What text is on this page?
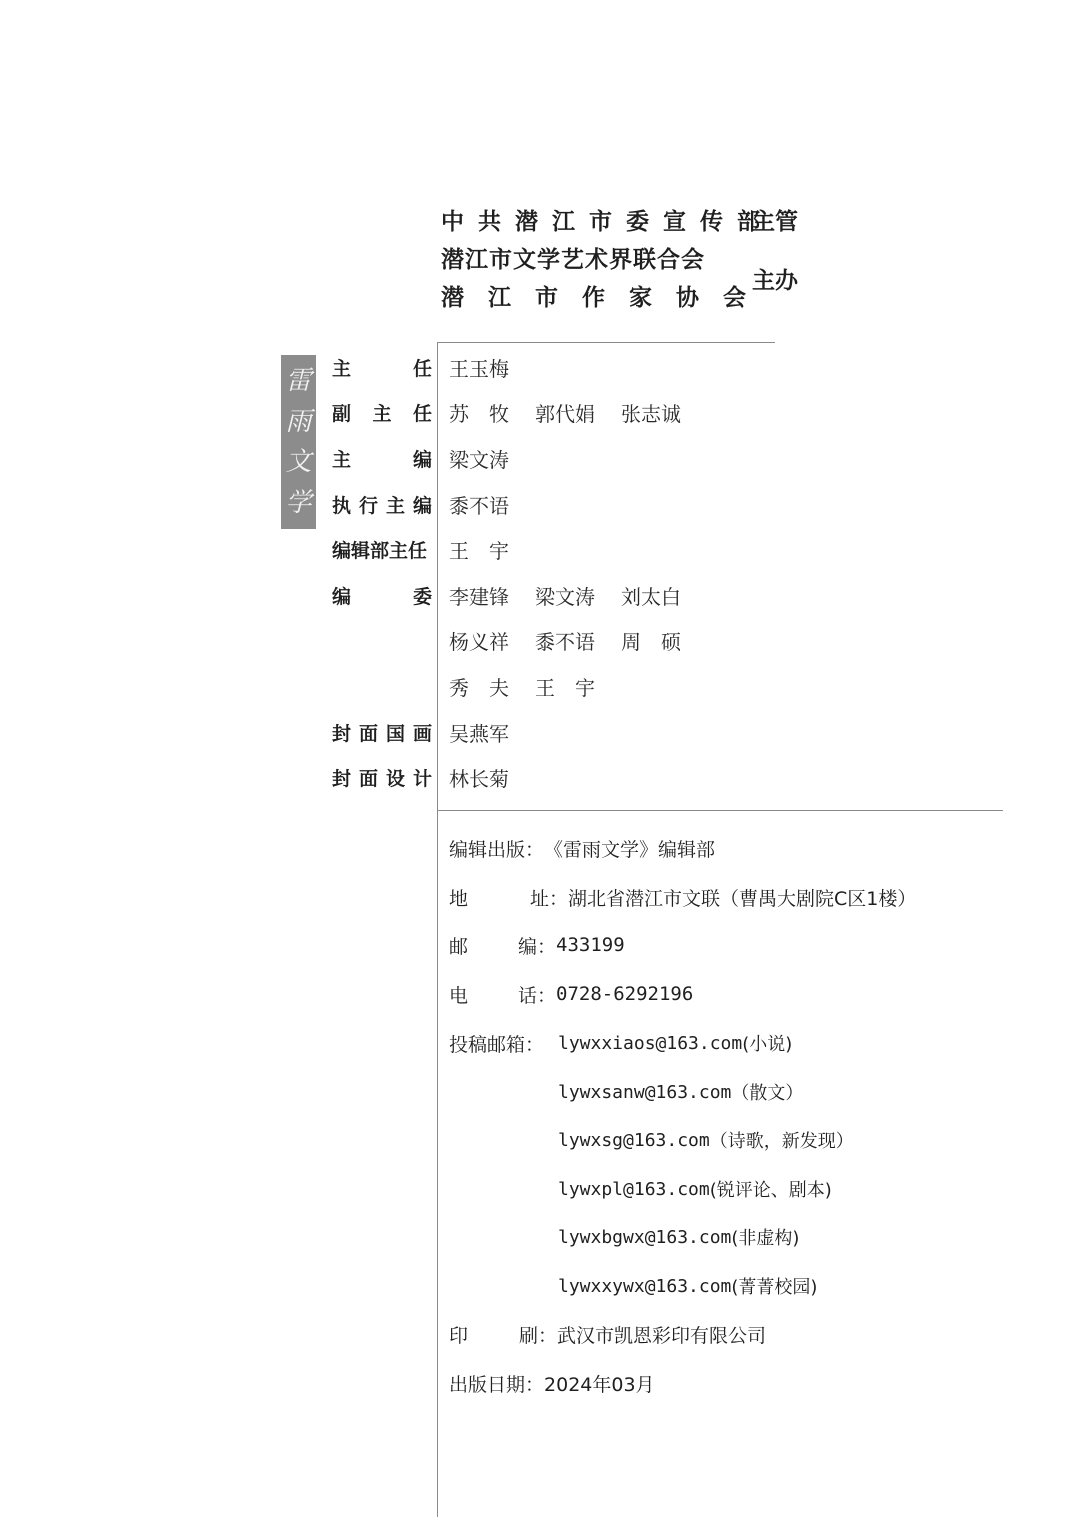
中 共 潜 江 市 委 宣 传 部
主管
潜江市文学艺术界联合会
潜 江 市 作 家 协 会
主办
雷
雨
文
学
主	任 王玉梅
副 主 任 苏　牧	郭代娟	张志诚
主	编 梁文涛
执 行 主 编 黍不语
编辑部主任 王　宇
编	委 李建锋	梁文涛	刘太白
杨义祥	黍不语	周　硕
秀　夫	王　宇
封 面 国 画 吴燕军
封 面 设 计 林长菊
编辑出版： 《雷雨文学》编辑部
地	址： 湖北省潜江市文联（曹禺大剧院C区1楼）
邮	编： 433199
电	话： 0728-6292196
投稿邮箱： lywxxiaos@163.com (小说)
lywxsanw@163.com （散文）
lywxsg@163.com （诗歌，新发现）
lywxpl@163.com (锐评论、剧本)
lywxbgwx@163.com (非虚构)
lywxxywx@163.com (菁菁校园)
印	刷： 武汉市凯恩彩印有限公司
出版日期： 2024年03月
